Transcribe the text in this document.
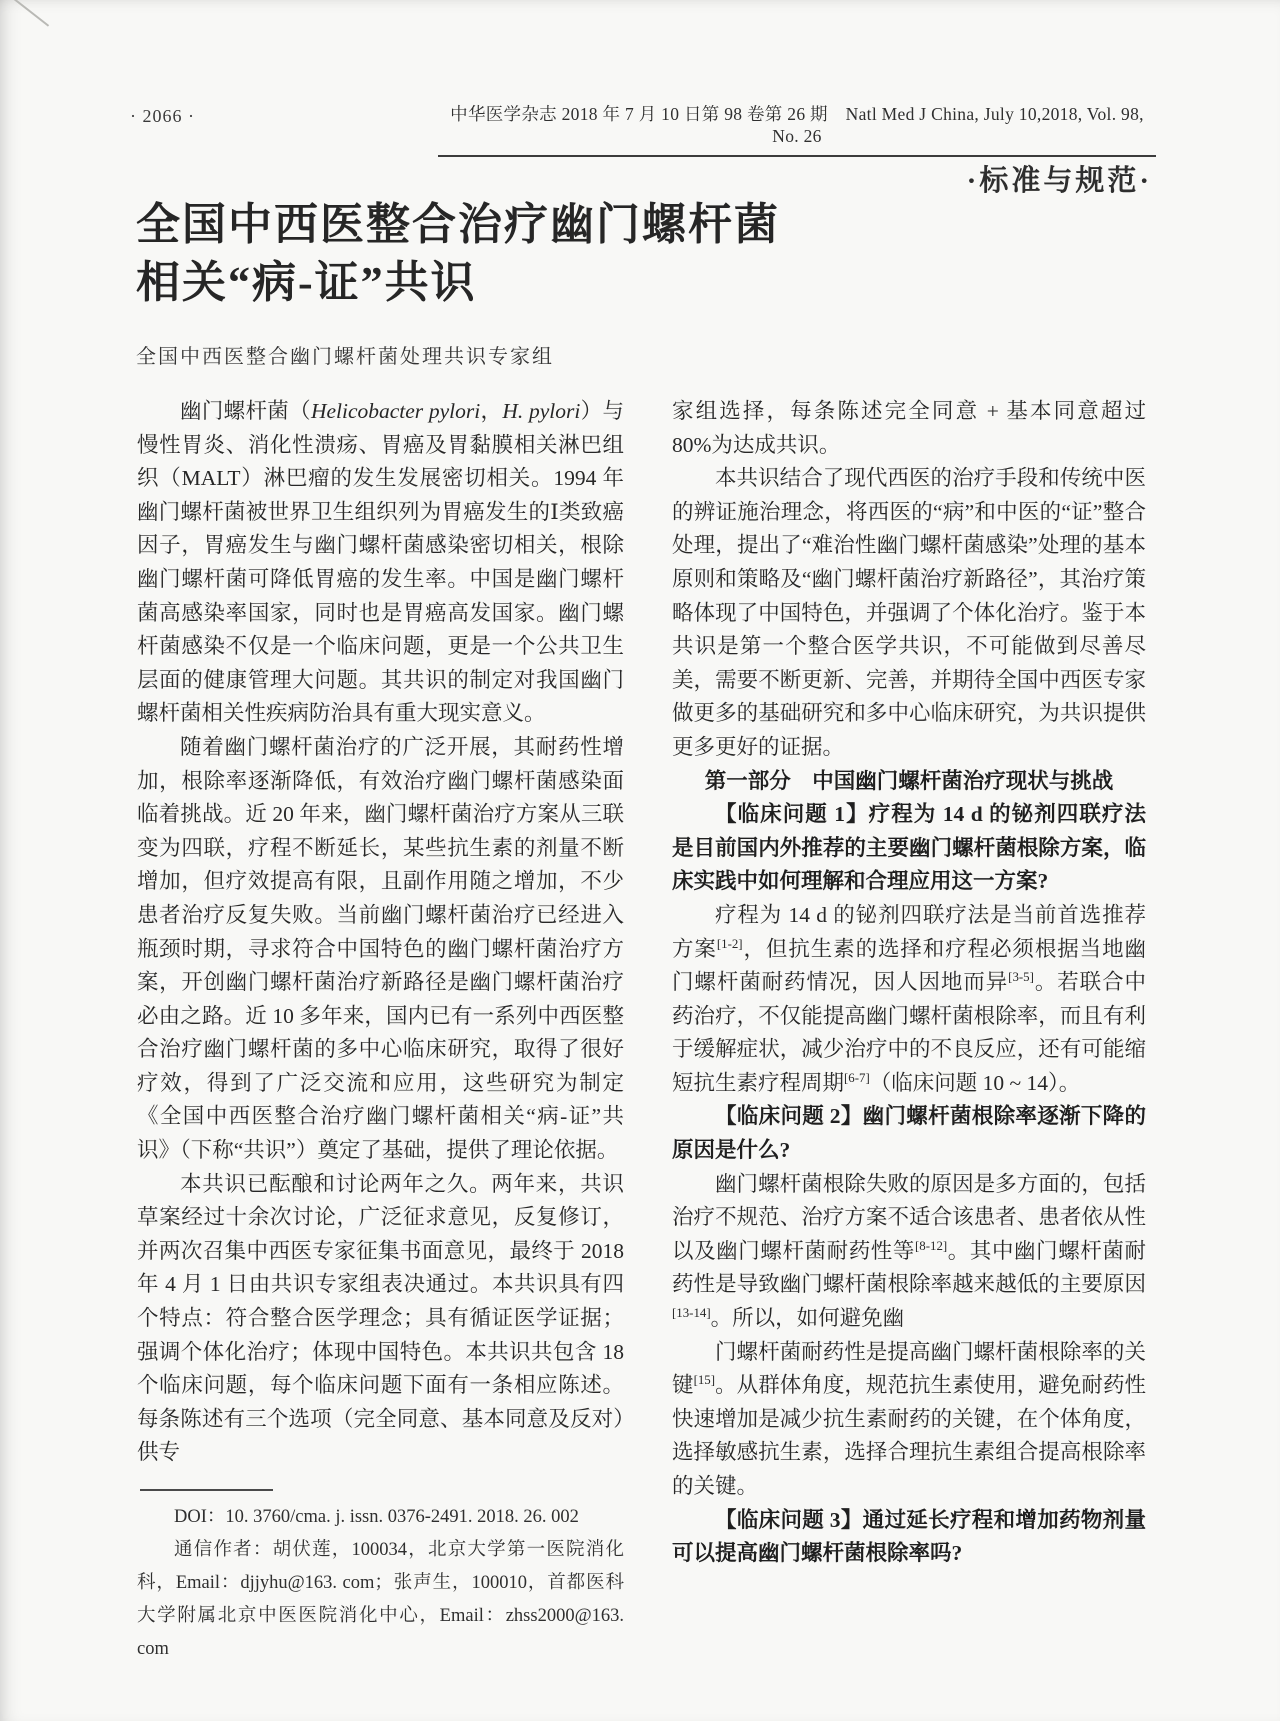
· 2066 ·	中华医学杂志 2018 年 7 月 10 日第 98 卷第 26 期　Natl Med J China, July 10,2018, Vol. 98, No. 26
·标准与规范·
全国中西医整合治疗幽门螺杆菌
相关“病-证”共识
全国中西医整合幽门螺杆菌处理共识专家组

幽门螺杆菌（Helicobacter pylori，H. pylori）与慢性胃炎、消化性溃疡、胃癌及胃黏膜相关淋巴组织（MALT）淋巴瘤的发生发展密切相关。1994 年幽门螺杆菌被世界卫生组织列为胃癌发生的Ⅰ类致癌因子，胃癌发生与幽门螺杆菌感染密切相关，根除幽门螺杆菌可降低胃癌的发生率。中国是幽门螺杆菌高感染率国家，同时也是胃癌高发国家。幽门螺杆菌感染不仅是一个临床问题，更是一个公共卫生层面的健康管理大问题。其共识的制定对我国幽门螺杆菌相关性疾病防治具有重大现实意义。

随着幽门螺杆菌治疗的广泛开展，其耐药性增加，根除率逐渐降低，有效治疗幽门螺杆菌感染面临着挑战。近 20 年来，幽门螺杆菌治疗方案从三联变为四联，疗程不断延长，某些抗生素的剂量不断增加，但疗效提高有限，且副作用随之增加，不少患者治疗反复失败。当前幽门螺杆菌治疗已经进入瓶颈时期，寻求符合中国特色的幽门螺杆菌治疗方案，开创幽门螺杆菌治疗新路径是幽门螺杆菌治疗必由之路。近 10 多年来，国内已有一系列中西医整合治疗幽门螺杆菌的多中心临床研究，取得了很好疗效，得到了广泛交流和应用，这些研究为制定《全国中西医整合治疗幽门螺杆菌相关“病-证”共识》（下称“共识”）奠定了基础，提供了理论依据。

本共识已酝酿和讨论两年之久。两年来，共识草案经过十余次讨论，广泛征求意见，反复修订，并两次召集中西医专家征集书面意见，最终于 2018 年 4 月 1 日由共识专家组表决通过。本共识具有四个特点：符合整合医学理念；具有循证医学证据；强调个体化治疗；体现中国特色。本共识共包含 18 个临床问题，每个临床问题下面有一条相应陈述。每条陈述有三个选项（完全同意、基本同意及反对）供专

DOI：10. 3760/cma. j. issn. 0376-2491. 2018. 26. 002

通信作者：胡伏莲，100034，北京大学第一医院消化科，Email：djjyhu@163. com；张声生，100010，首都医科大学附属北京中医医院消化中心，Email：zhss2000@163. com

家组选择，每条陈述完全同意 + 基本同意超过 80%为达成共识。

本共识结合了现代西医的治疗手段和传统中医的辨证施治理念，将西医的“病”和中医的“证”整合处理，提出了“难治性幽门螺杆菌感染”处理的基本原则和策略及“幽门螺杆菌治疗新路径”，其治疗策略体现了中国特色，并强调了个体化治疗。鉴于本共识是第一个整合医学共识，不可能做到尽善尽美，需要不断更新、完善，并期待全国中西医专家做更多的基础研究和多中心临床研究，为共识提供更多更好的证据。

第一部分　中国幽门螺杆菌治疗现状与挑战

【临床问题 1】疗程为 14 d 的铋剂四联疗法是目前国内外推荐的主要幽门螺杆菌根除方案，临床实践中如何理解和合理应用这一方案?

疗程为 14 d 的铋剂四联疗法是当前首选推荐方案[1-2]，但抗生素的选择和疗程必须根据当地幽门螺杆菌耐药情况，因人因地而异[3-5]。若联合中药治疗，不仅能提高幽门螺杆菌根除率，而且有利于缓解症状，减少治疗中的不良反应，还有可能缩短抗生素疗程周期[6-7]（临床问题 10 ~ 14）。

【临床问题 2】幽门螺杆菌根除率逐渐下降的原因是什么?

幽门螺杆菌根除失败的原因是多方面的，包括治疗不规范、治疗方案不适合该患者、患者依从性以及幽门螺杆菌耐药性等[8-12]。其中幽门螺杆菌耐药性是导致幽门螺杆菌根除率越来越低的主要原因[13-14]。所以，如何避免幽

门螺杆菌耐药性是提高幽门螺杆菌根除率的关键[15]。从群体角度，规范抗生素使用，避免耐药性快速增加是减少抗生素耐药的关键，在个体角度，选择敏感抗生素，选择合理抗生素组合提高根除率的关键。

【临床问题 3】通过延长疗程和增加药物剂量可以提高幽门螺杆菌根除率吗?
